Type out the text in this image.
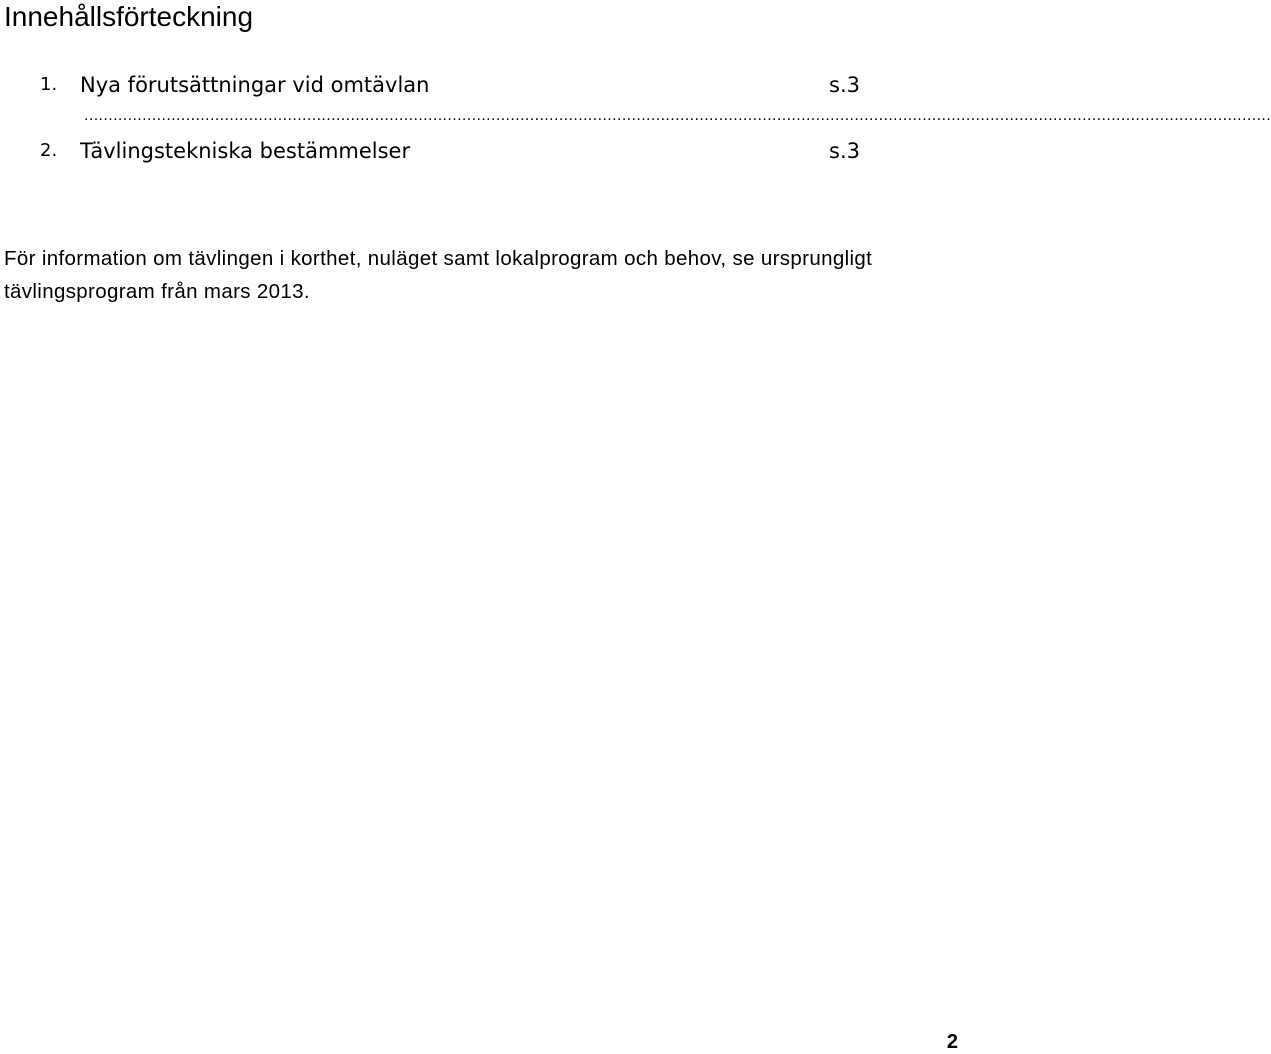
Innehållsförteckning
1. Nya förutsättningar vid omtävlan	s.3
.....................................................................................................................................................................................................................................................
2. Tävlingstekniska bestämmelser	s.3

För information om tävlingen i korthet, nuläget samt lokalprogram och behov, se ursprungligt tävlingsprogram från mars 2013.

2
